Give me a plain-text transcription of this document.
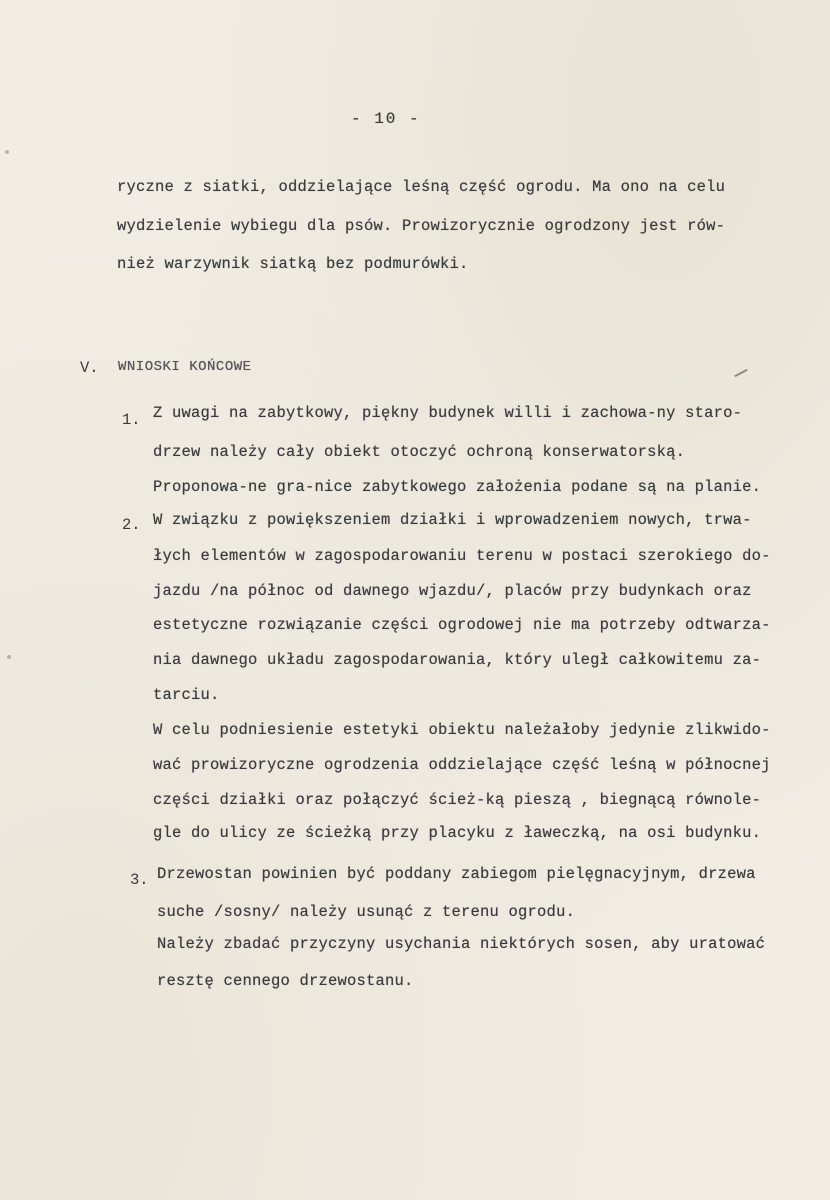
- 10 -
ryczne z siatki, oddzielające leśną część ogrodu. Ma ono na celu
wydzielenie wybiegu dla psów. Prowizorycznie ogrodzony jest rów-
nież warzywnik siatką bez podmurówki.
V. WNIOSKI KOŃCOWE
1. Z uwagi na zabytkowy, piękny budynek willi i zachowa-ny staro-
drzew należy cały obiekt otoczyć ochroną konserwatorską.
Proponowa-ne gra-nice zabytkowego założenia podane są na planie.
2. W związku z powiększeniem działki i wprowadzeniem nowych, trwa-
łych elementów w zagospodarowaniu terenu w postaci szerokiego do-
jazdu /na północ od dawnego wjazdu/, placów przy budynkach oraz
estetyczne rozwiązanie części ogrodowej nie ma potrzeby odtwarza-
nia dawnego układu zagospodarowania, który uległ całkowitemu za-
tarciu.
W celu podniesienie estetyki obiektu należałoby jedynie zlikwido-
wać prowizoryczne ogrodzenia oddzielające część leśną w północnej
części działki oraz połączyć ścież-ką pieszą , biegnącą równole-
gle do ulicy ze ścieżką przy placyku z ławeczką, na osi budynku.
3. Drzewostan powinien być poddany zabiegom pielęgnacyjnym, drzewa
suche /sosny/ należy usunąć z terenu ogrodu.
Należy zbadać przyczyny usychania niektórych sosen, aby uratować
resztę cennego drzewostanu.
